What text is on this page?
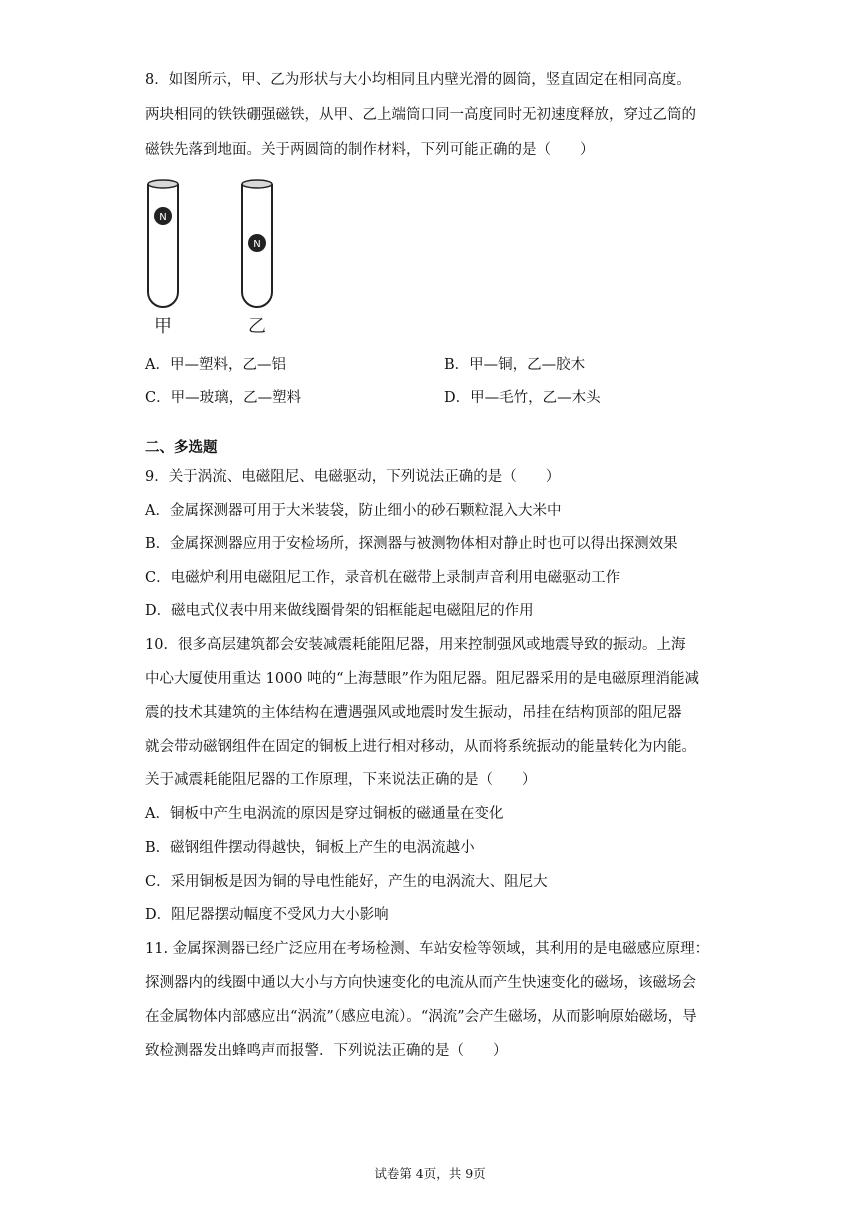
8．如图所示，甲、乙为形状与大小均相同且内壁光滑的圆筒，竖直固定在相同高度。
两块相同的铁铁硼强磁铁，从甲、乙上端筒口同一高度同时无初速度释放，穿过乙筒的
磁铁先落到地面。关于两圆筒的制作材料，下列可能正确的是（　　）
N
N
甲	乙
A．甲—塑料，乙—铝	B．甲—铜，乙—胶木
C．甲—玻璃，乙—塑料	D．甲—毛竹，乙—木头
二、多选题
9．关于涡流、电磁阻尼、电磁驱动，下列说法正确的是（　　）
A．金属探测器可用于大米装袋，防止细小的砂石颗粒混入大米中
B．金属探测器应用于安检场所，探测器与被测物体相对静止时也可以得出探测效果
C．电磁炉利用电磁阻尼工作，录音机在磁带上录制声音利用电磁驱动工作
D．磁电式仪表中用来做线圈骨架的铝框能起电磁阻尼的作用
10．很多高层建筑都会安装减震耗能阻尼器，用来控制强风或地震导致的振动。上海
中心大厦使用重达 1000 吨的“上海慧眼”作为阻尼器。阻尼器采用的是电磁原理消能减
震的技术其建筑的主体结构在遭遇强风或地震时发生振动，吊挂在结构顶部的阻尼器
就会带动磁钢组件在固定的铜板上进行相对移动，从而将系统振动的能量转化为内能。
关于减震耗能阻尼器的工作原理，下来说法正确的是（　　）
A．铜板中产生电涡流的原因是穿过铜板的磁通量在变化
B．磁钢组件摆动得越快，铜板上产生的电涡流越小
C．采用铜板是因为铜的导电性能好，产生的电涡流大、阻尼大
D．阻尼器摆动幅度不受风力大小影响
11. 金属探测器已经广泛应用在考场检测、车站安检等领域，其利用的是电磁感应原理：
探测器内的线圈中通以大小与方向快速变化的电流从而产生快速变化的磁场，该磁场会
在金属物体内部感应出“涡流”（感应电流）。“涡流”会产生磁场，从而影响原始磁场，导
致检测器发出蜂鸣声而报警．下列说法正确的是（　　）
试卷第 4页，共 9页
